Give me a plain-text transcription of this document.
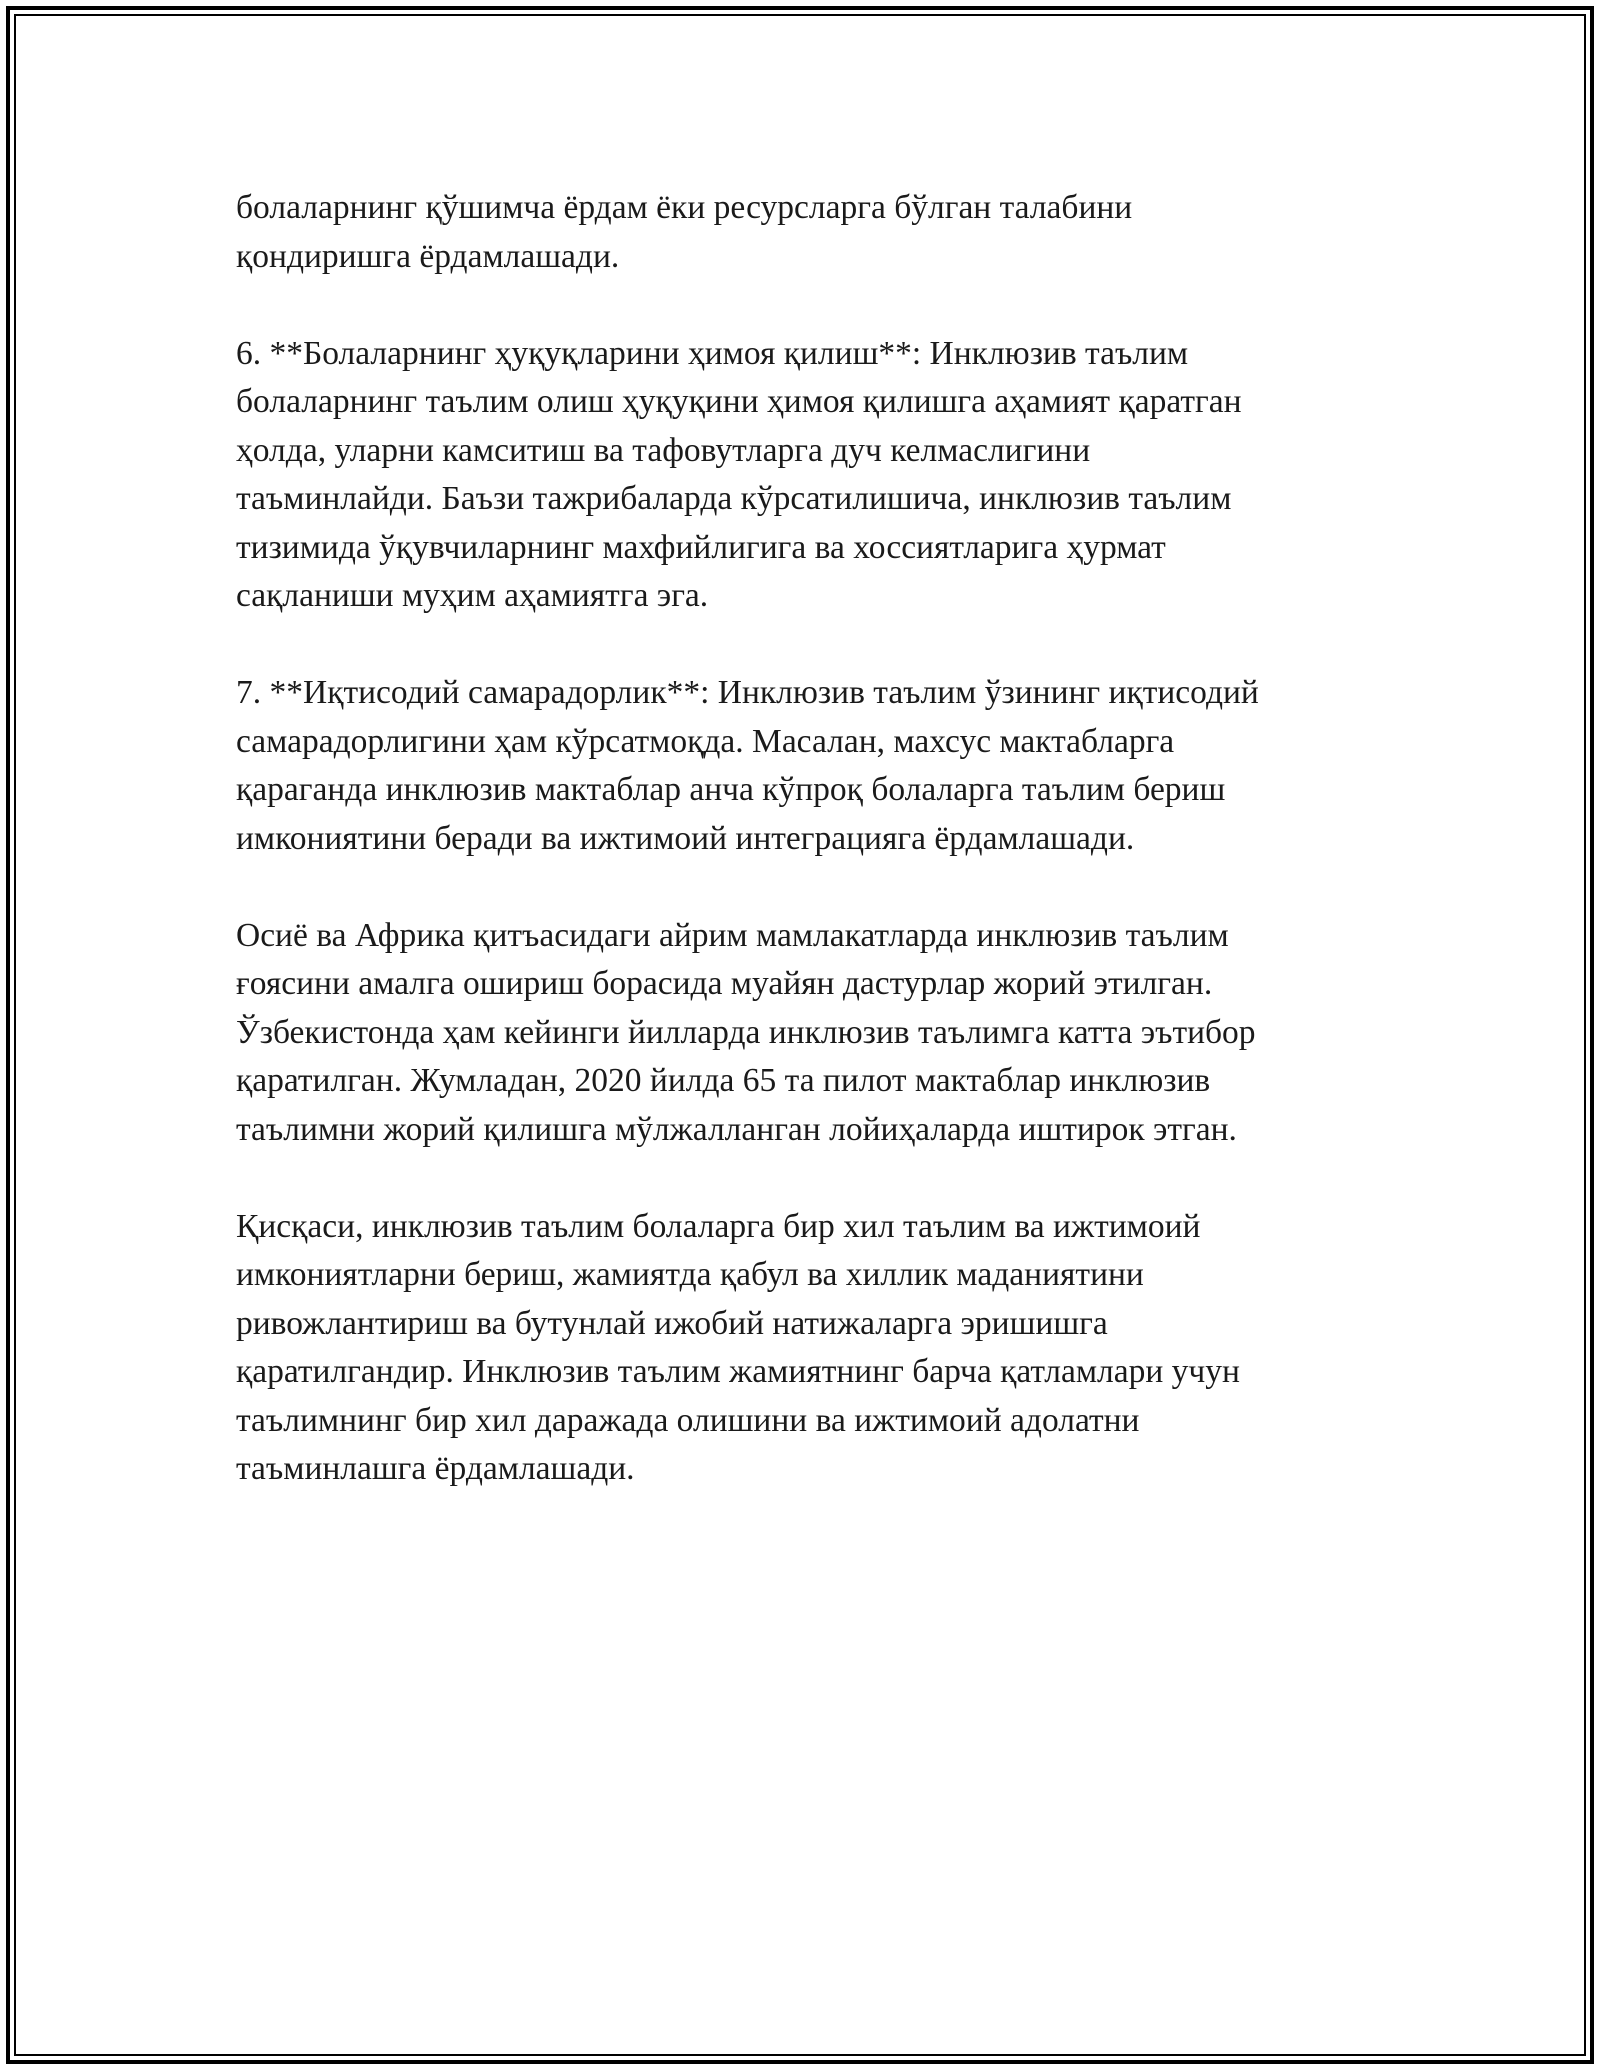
болаларнинг қўшимча ёрдам ёки ресурсларга бўлган талабини
қондиришга ёрдамлашади.

6. **Болаларнинг ҳуқуқларини ҳимоя қилиш**: Инклюзив таълим
болаларнинг таълим олиш ҳуқуқини ҳимоя қилишга аҳамият қаратган
ҳолда, уларни камситиш ва тафовутларга дуч келмаслигини
таъминлайди. Баъзи тажрибаларда кўрсатилишича, инклюзив таълим
тизимида ўқувчиларнинг махфийлигига ва хоссиятларига ҳурмат
сақланиши муҳим аҳамиятга эга.

7. **Иқтисодий самарадорлик**: Инклюзив таълим ўзининг иқтисодий
самарадорлигини ҳам кўрсатмоқда. Масалан, махсус мактабларга
қараганда инклюзив мактаблар анча кўпроқ болаларга таълим бериш
имкониятини беради ва ижтимоий интеграцияга ёрдамлашади.

Осиё ва Африка қитъасидаги айрим мамлакатларда инклюзив таълим
ғоясини амалга ошириш борасида муайян дастурлар жорий этилган.
Ўзбекистонда ҳам кейинги йилларда инклюзив таълимга катта эътибор
қаратилган. Жумладан, 2020 йилда 65 та пилот мактаблар инклюзив
таълимни жорий қилишга мўлжалланган лойиҳаларда иштирок этган.

Қисқаси, инклюзив таълим болаларга бир хил таълим ва ижтимоий
имкониятларни бериш, жамиятда қабул ва хиллик маданиятини
ривожлантириш ва бутунлай ижобий натижаларга эришишга
қаратилгандир. Инклюзив таълим жамиятнинг барча қатламлари учун
таълимнинг бир хил даражада олишини ва ижтимоий адолатни
таъминлашга ёрдамлашади.
